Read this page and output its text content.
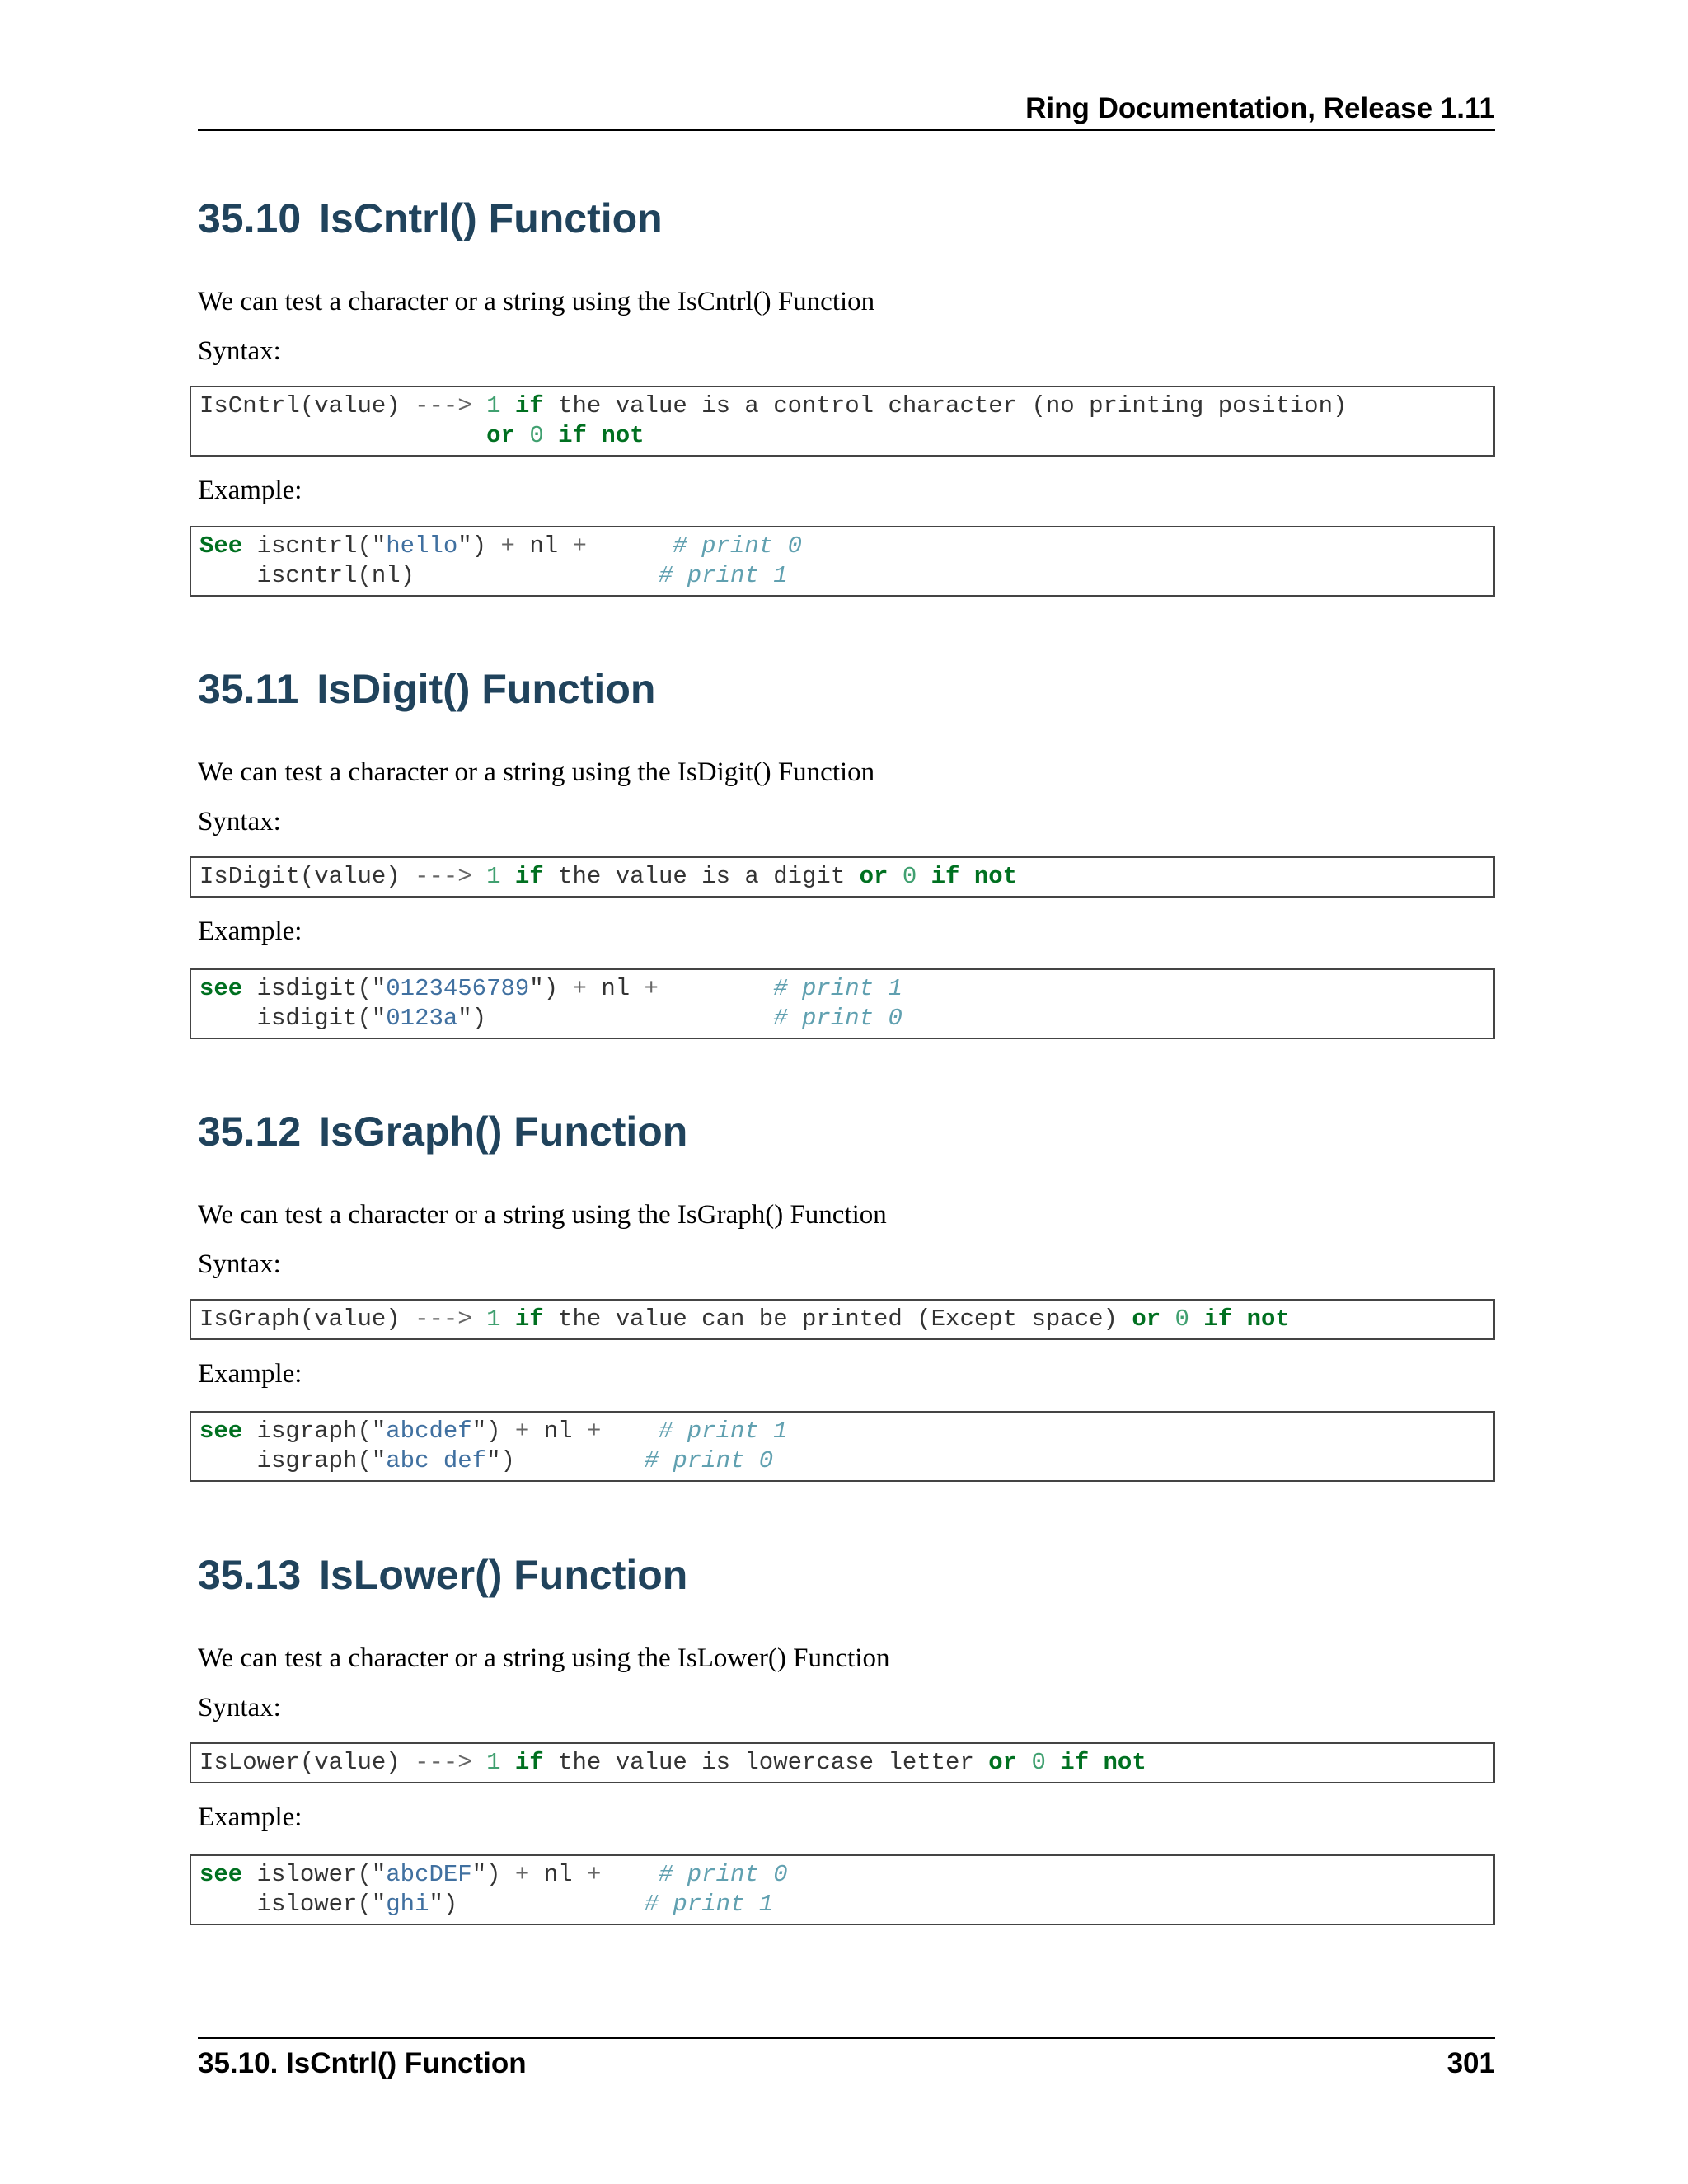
Ring Documentation, Release 1.11
35.10 IsCntrl() Function
We can test a character or a string using the IsCntrl() Function
Syntax:
IsCntrl(value) ---> 1 if the value is a control character (no printing position)
or 0 if not
Example:
See iscntrl("hello") + nl +	# print 0
iscntrl(nl)	# print 1
35.11 IsDigit() Function
We can test a character or a string using the IsDigit() Function
Syntax:
IsDigit(value) ---> 1 if the value is a digit or 0 if not
Example:
see isdigit("0123456789") + nl +	# print 1
isdigit("0123a")	# print 0
35.12 IsGraph() Function
We can test a character or a string using the IsGraph() Function
Syntax:
IsGraph(value) ---> 1 if the value can be printed (Except space) or 0 if not
Example:
see isgraph("abcdef") + nl + # print 1
isgraph("abc def")	# print 0
35.13 IsLower() Function
We can test a character or a string using the IsLower() Function
Syntax:
IsLower(value) ---> 1 if the value is lowercase letter or 0 if not
Example:
see islower("abcDEF") + nl + # print 0
islower("ghi")	# print 1
35.10. IsCntrl() Function	301
